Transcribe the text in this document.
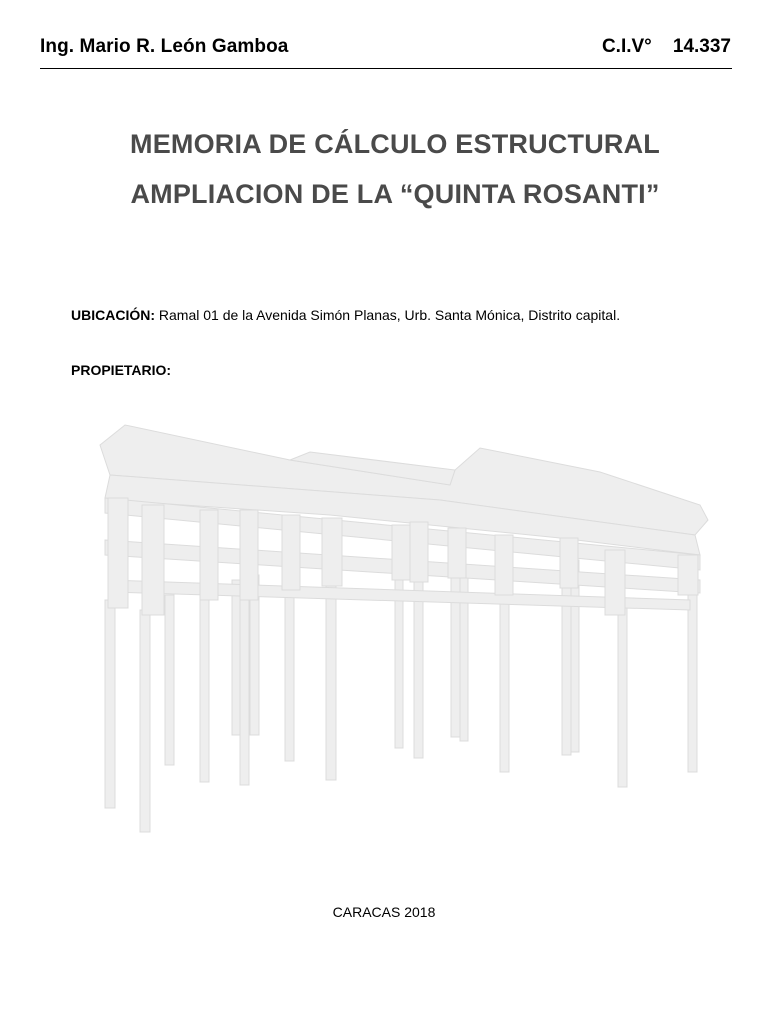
Ing. Mario R. León Gamboa	C.I.V°    14.337
MEMORIA DE CÁLCULO ESTRUCTURAL
AMPLIACION DE LA “QUINTA ROSANTI”
UBICACIÓN: Ramal 01 de la Avenida Simón Planas, Urb. Santa Mónica, Distrito capital.
PROPIETARIO:
CARACAS 2018
